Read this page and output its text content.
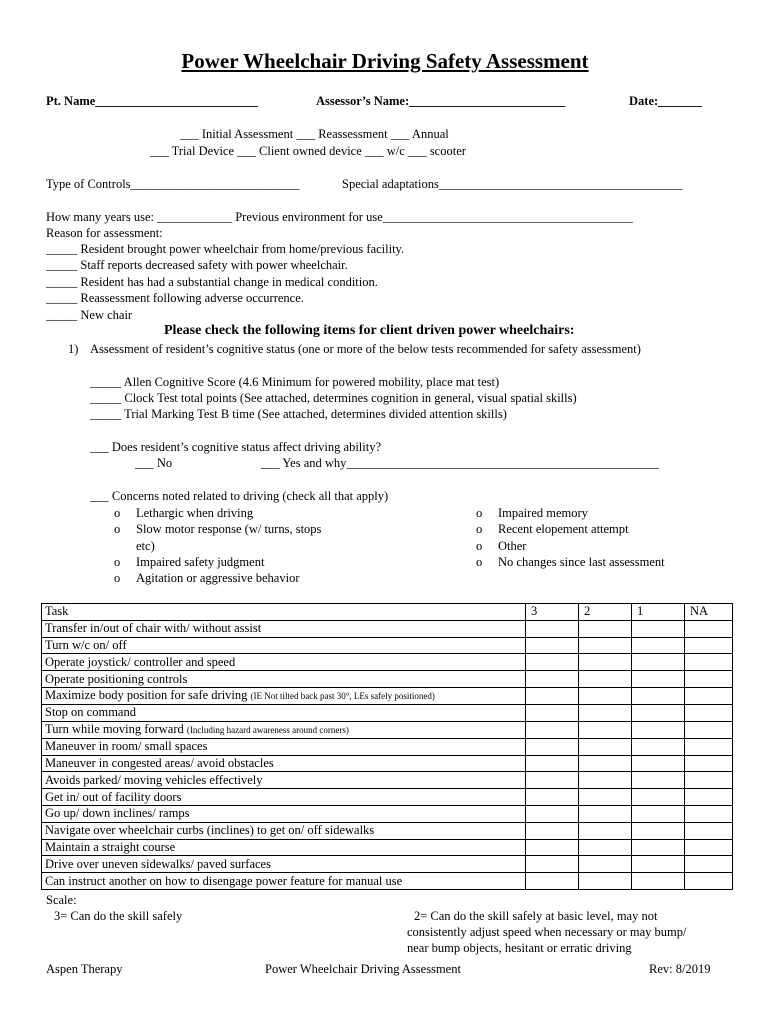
Power Wheelchair Driving Safety Assessment
Pt. Name__________________________	Assessor’s Name:_________________________	Date:_______
___ Initial Assessment ___ Reassessment ___ Annual
___ Trial Device ___ Client owned device ___ w/c ___ scooter
Type of Controls___________________________	Special adaptations_______________________________________
How many years use: ____________ Previous environment for use________________________________________
Reason for assessment:
_____ Resident brought power wheelchair from home/previous facility.
_____ Staff reports decreased safety with power wheelchair.
_____ Resident has had a substantial change in medical condition.
_____ Reassessment following adverse occurrence.
_____ New chair
Please check the following items for client driven power wheelchairs:
1) Assessment of resident’s cognitive status (one or more of the below tests recommended for safety assessment)
_____ Allen Cognitive Score (4.6 Minimum for powered mobility, place mat test)
_____ Clock Test total points (See attached, determines cognition in general, visual spatial skills)
_____ Trial Marking Test B time (See attached, determines divided attention skills)
___ Does resident’s cognitive status affect driving ability?
___ No	___ Yes and why__________________________________________________
___ Concerns noted related to driving (check all that apply)
o Lethargic when driving
o Slow motor response (w/ turns, stops
etc)
o Impaired safety judgment
o Agitation or aggressive behavior
o Impaired memory
o Recent elopement attempt
o Other
o No changes since last assessment
Task	3	2	1	NA
Transfer in/out of chair with/ without assist				
Turn w/c on/ off				
Operate joystick/ controller and speed				
Operate positioning controls				
Maximize body position for safe driving (IE Not tilted back past 30°, LEs safely positioned)				
Stop on command				
Turn while moving forward (Including hazard awareness around corners)				
Maneuver in room/ small spaces				
Maneuver in congested areas/ avoid obstacles				
Avoids parked/ moving vehicles effectively				
Get in/ out of facility doors				
Go up/ down inclines/ ramps				
Navigate over wheelchair curbs (inclines) to get on/ off sidewalks				
Maintain a straight course				
Drive over uneven sidewalks/ paved surfaces				
Can instruct another on how to disengage power feature for manual use				
Scale:
3= Can do the skill safely	2= Can do the skill safely at basic level, may not
consistently adjust speed when necessary or may bump/
near bump objects, hesitant or erratic driving
Aspen Therapy	Power Wheelchair Driving Assessment	Rev: 8/2019
